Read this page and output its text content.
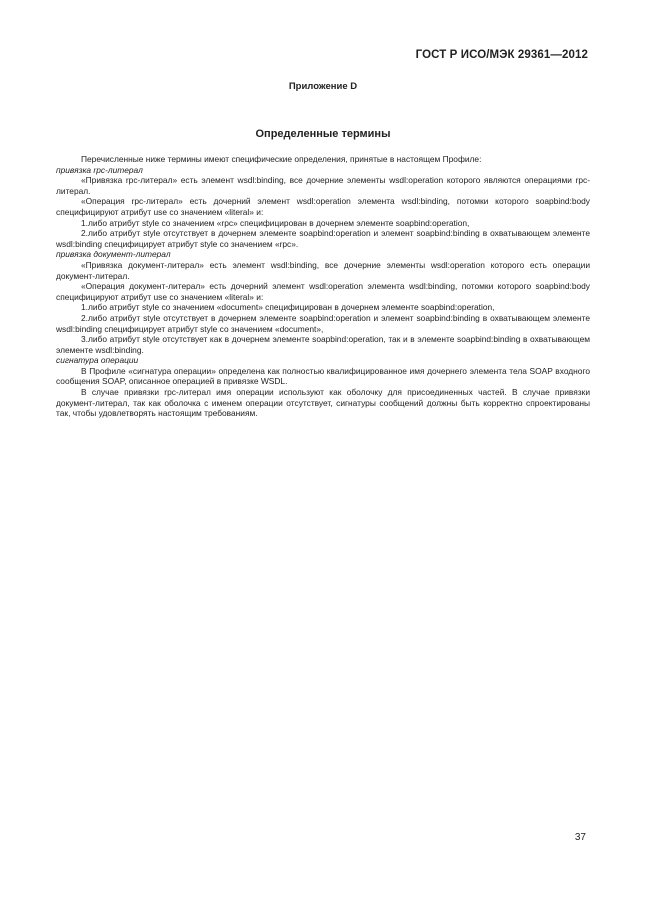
ГОСТ Р ИСО/МЭК 29361—2012
Приложение D
Определенные термины

Перечисленные ниже термины имеют специфические определения, принятые в настоящем Профиле:

привязка rpc-литерал

«Привязка rpc-литерал» есть элемент wsdl:binding, все дочерние элементы wsdl:operation которого являются операциями rpc-литерал.

«Операция rpc-литерал» есть дочерний элемент wsdl:operation элемента wsdl:binding, потомки которого soapbind:body специфицируют атрибут use со значением «literal» и:

1.либо атрибут style со значением «rpc» специфицирован в дочернем элементе soapbind:operation,

2.либо атрибут style отсутствует в дочернем элементе soapbind:operation и элемент soapbind:binding в охватывающем элементе wsdl:binding специфицирует атрибут style со значением «rpc».

привязка документ-литерал

«Привязка документ-литерал» есть элемент wsdl:binding, все дочерние элементы wsdl:operation которого есть операции документ-литерал.

«Операция документ-литерал» есть дочерний элемент wsdl:operation элемента wsdl:binding, потомки которого soapbind:body специфицируют атрибут use со значением «literal» и:

1.либо атрибут style со значением «document» специфицирован в дочернем элементе soapbind:operation,

2.либо атрибут style отсутствует в дочернем элементе soapbind:operation и элемент soapbind:binding в охватывающем элементе wsdl:binding специфицирует атрибут style со значением «document»,

3.либо атрибут style отсутствует как в дочернем элементе soapbind:operation, так и в элементе soapbind:binding в охватывающем элементе wsdl:binding.

сигнатура операции

В Профиле «сигнатура операции» определена как полностью квалифицированное имя дочернего элемента тела SOAP входного сообщения SOAP, описанное операцией в привязке WSDL.

В случае привязки rpc-литерал имя операции используют как оболочку для присоединенных частей. В случае привязки документ-литерал, так как оболочка с именем операции отсутствует, сигнатуры сообщений должны быть корректно спроектированы так, чтобы удовлетворять настоящим требованиям.

37
